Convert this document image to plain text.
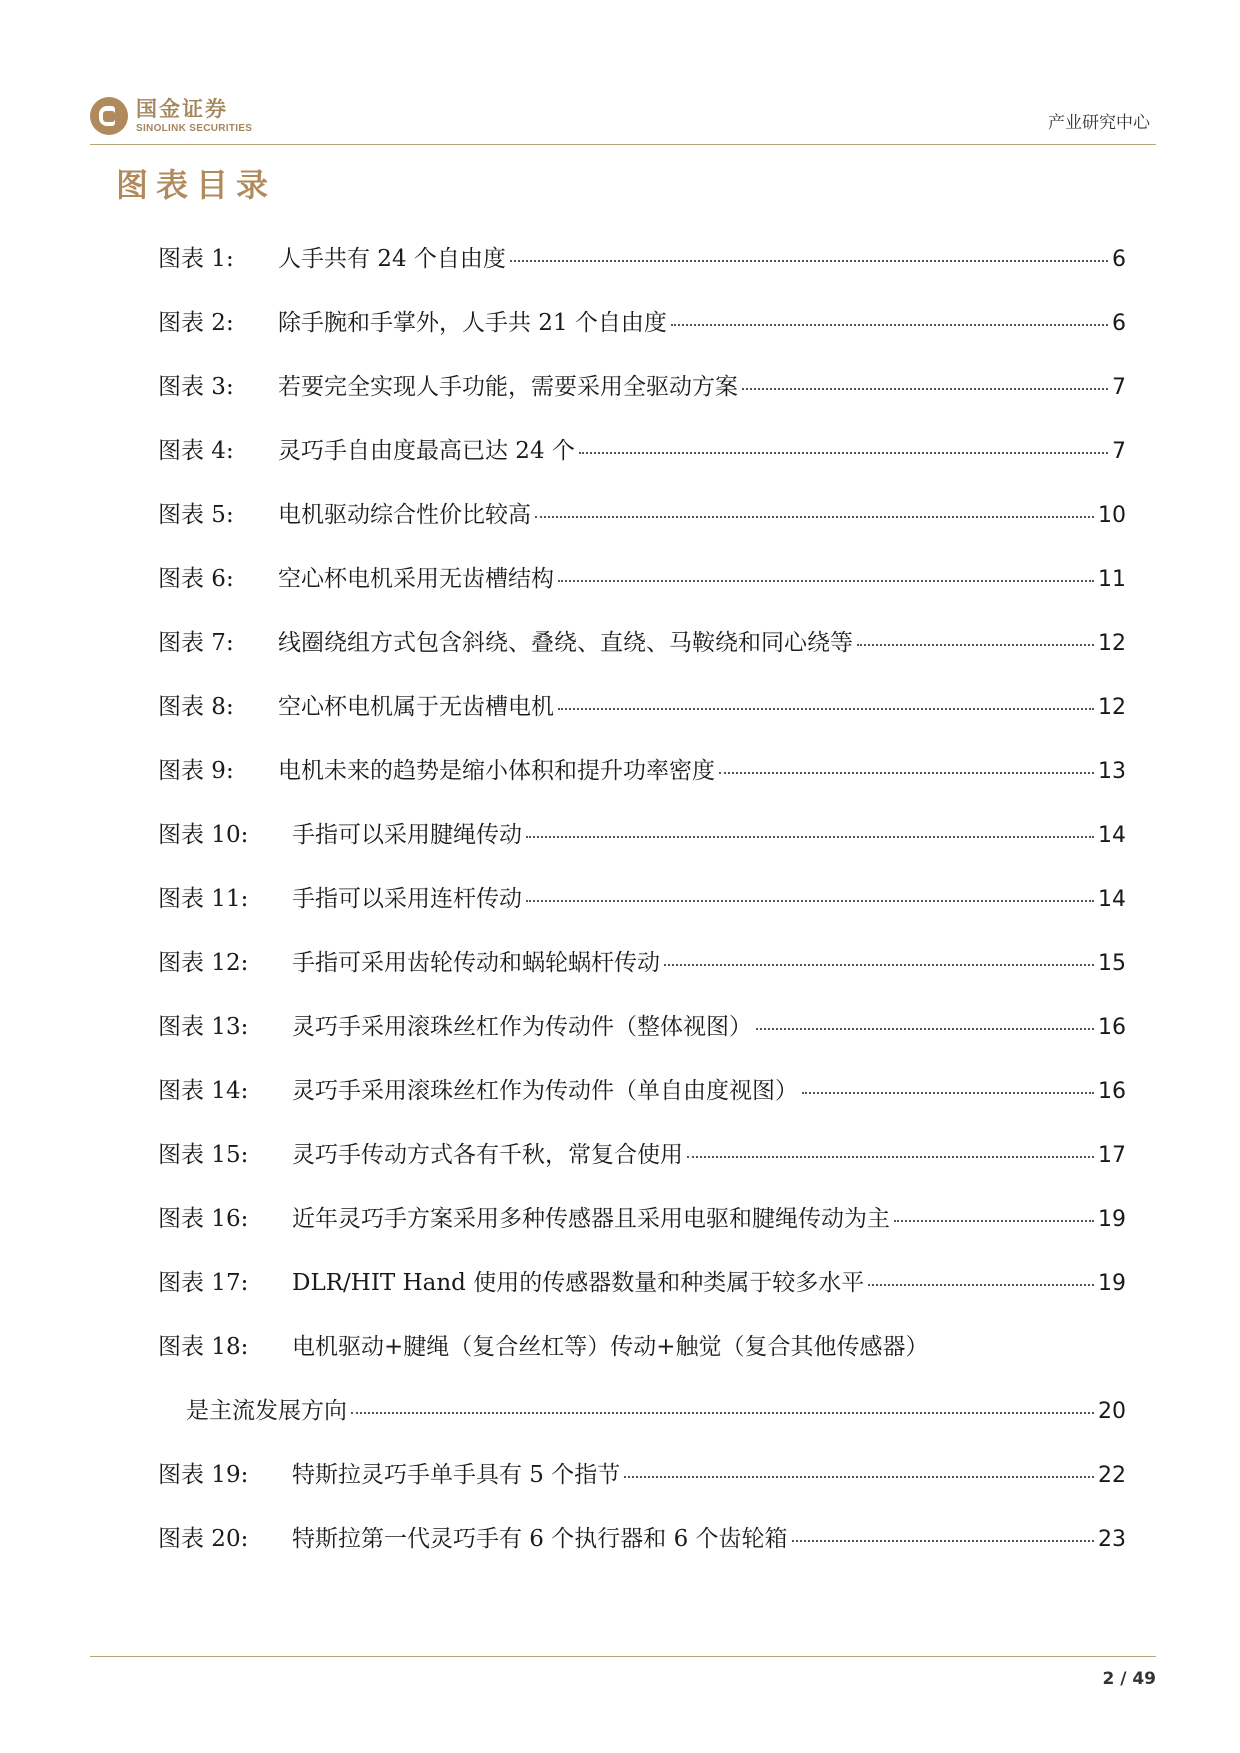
国金证券
SINOLINK SECURITIES	产业研究中心
图表目录
图表 1:	人手共有 24 个自由度	6
图表 2:	除手腕和手掌外，人手共 21 个自由度	6
图表 3:	若要完全实现人手功能，需要采用全驱动方案	7
图表 4:	灵巧手自由度最高已达 24 个	7
图表 5:	电机驱动综合性价比较高	10
图表 6:	空心杯电机采用无齿槽结构	11
图表 7:	线圈绕组方式包含斜绕、叠绕、直绕、马鞍绕和同心绕等	12
图表 8:	空心杯电机属于无齿槽电机	12
图表 9:	电机未来的趋势是缩小体积和提升功率密度	13
图表 10:	手指可以采用腱绳传动	14
图表 11:	手指可以采用连杆传动	14
图表 12:	手指可采用齿轮传动和蜗轮蜗杆传动	15
图表 13:	灵巧手采用滚珠丝杠作为传动件（整体视图）	16
图表 14:	灵巧手采用滚珠丝杠作为传动件（单自由度视图）	16
图表 15:	灵巧手传动方式各有千秋，常复合使用	17
图表 16:	近年灵巧手方案采用多种传感器且采用电驱和腱绳传动为主	19
图表 17:	DLR/HIT Hand 使用的传感器数量和种类属于较多水平	19
图表 18:	电机驱动+腱绳（复合丝杠等）传动+触觉（复合其他传感器）
是主流发展方向	20
图表 19:	特斯拉灵巧手单手具有 5 个指节	22
图表 20:	特斯拉第一代灵巧手有 6 个执行器和 6 个齿轮箱	23
2 / 49
